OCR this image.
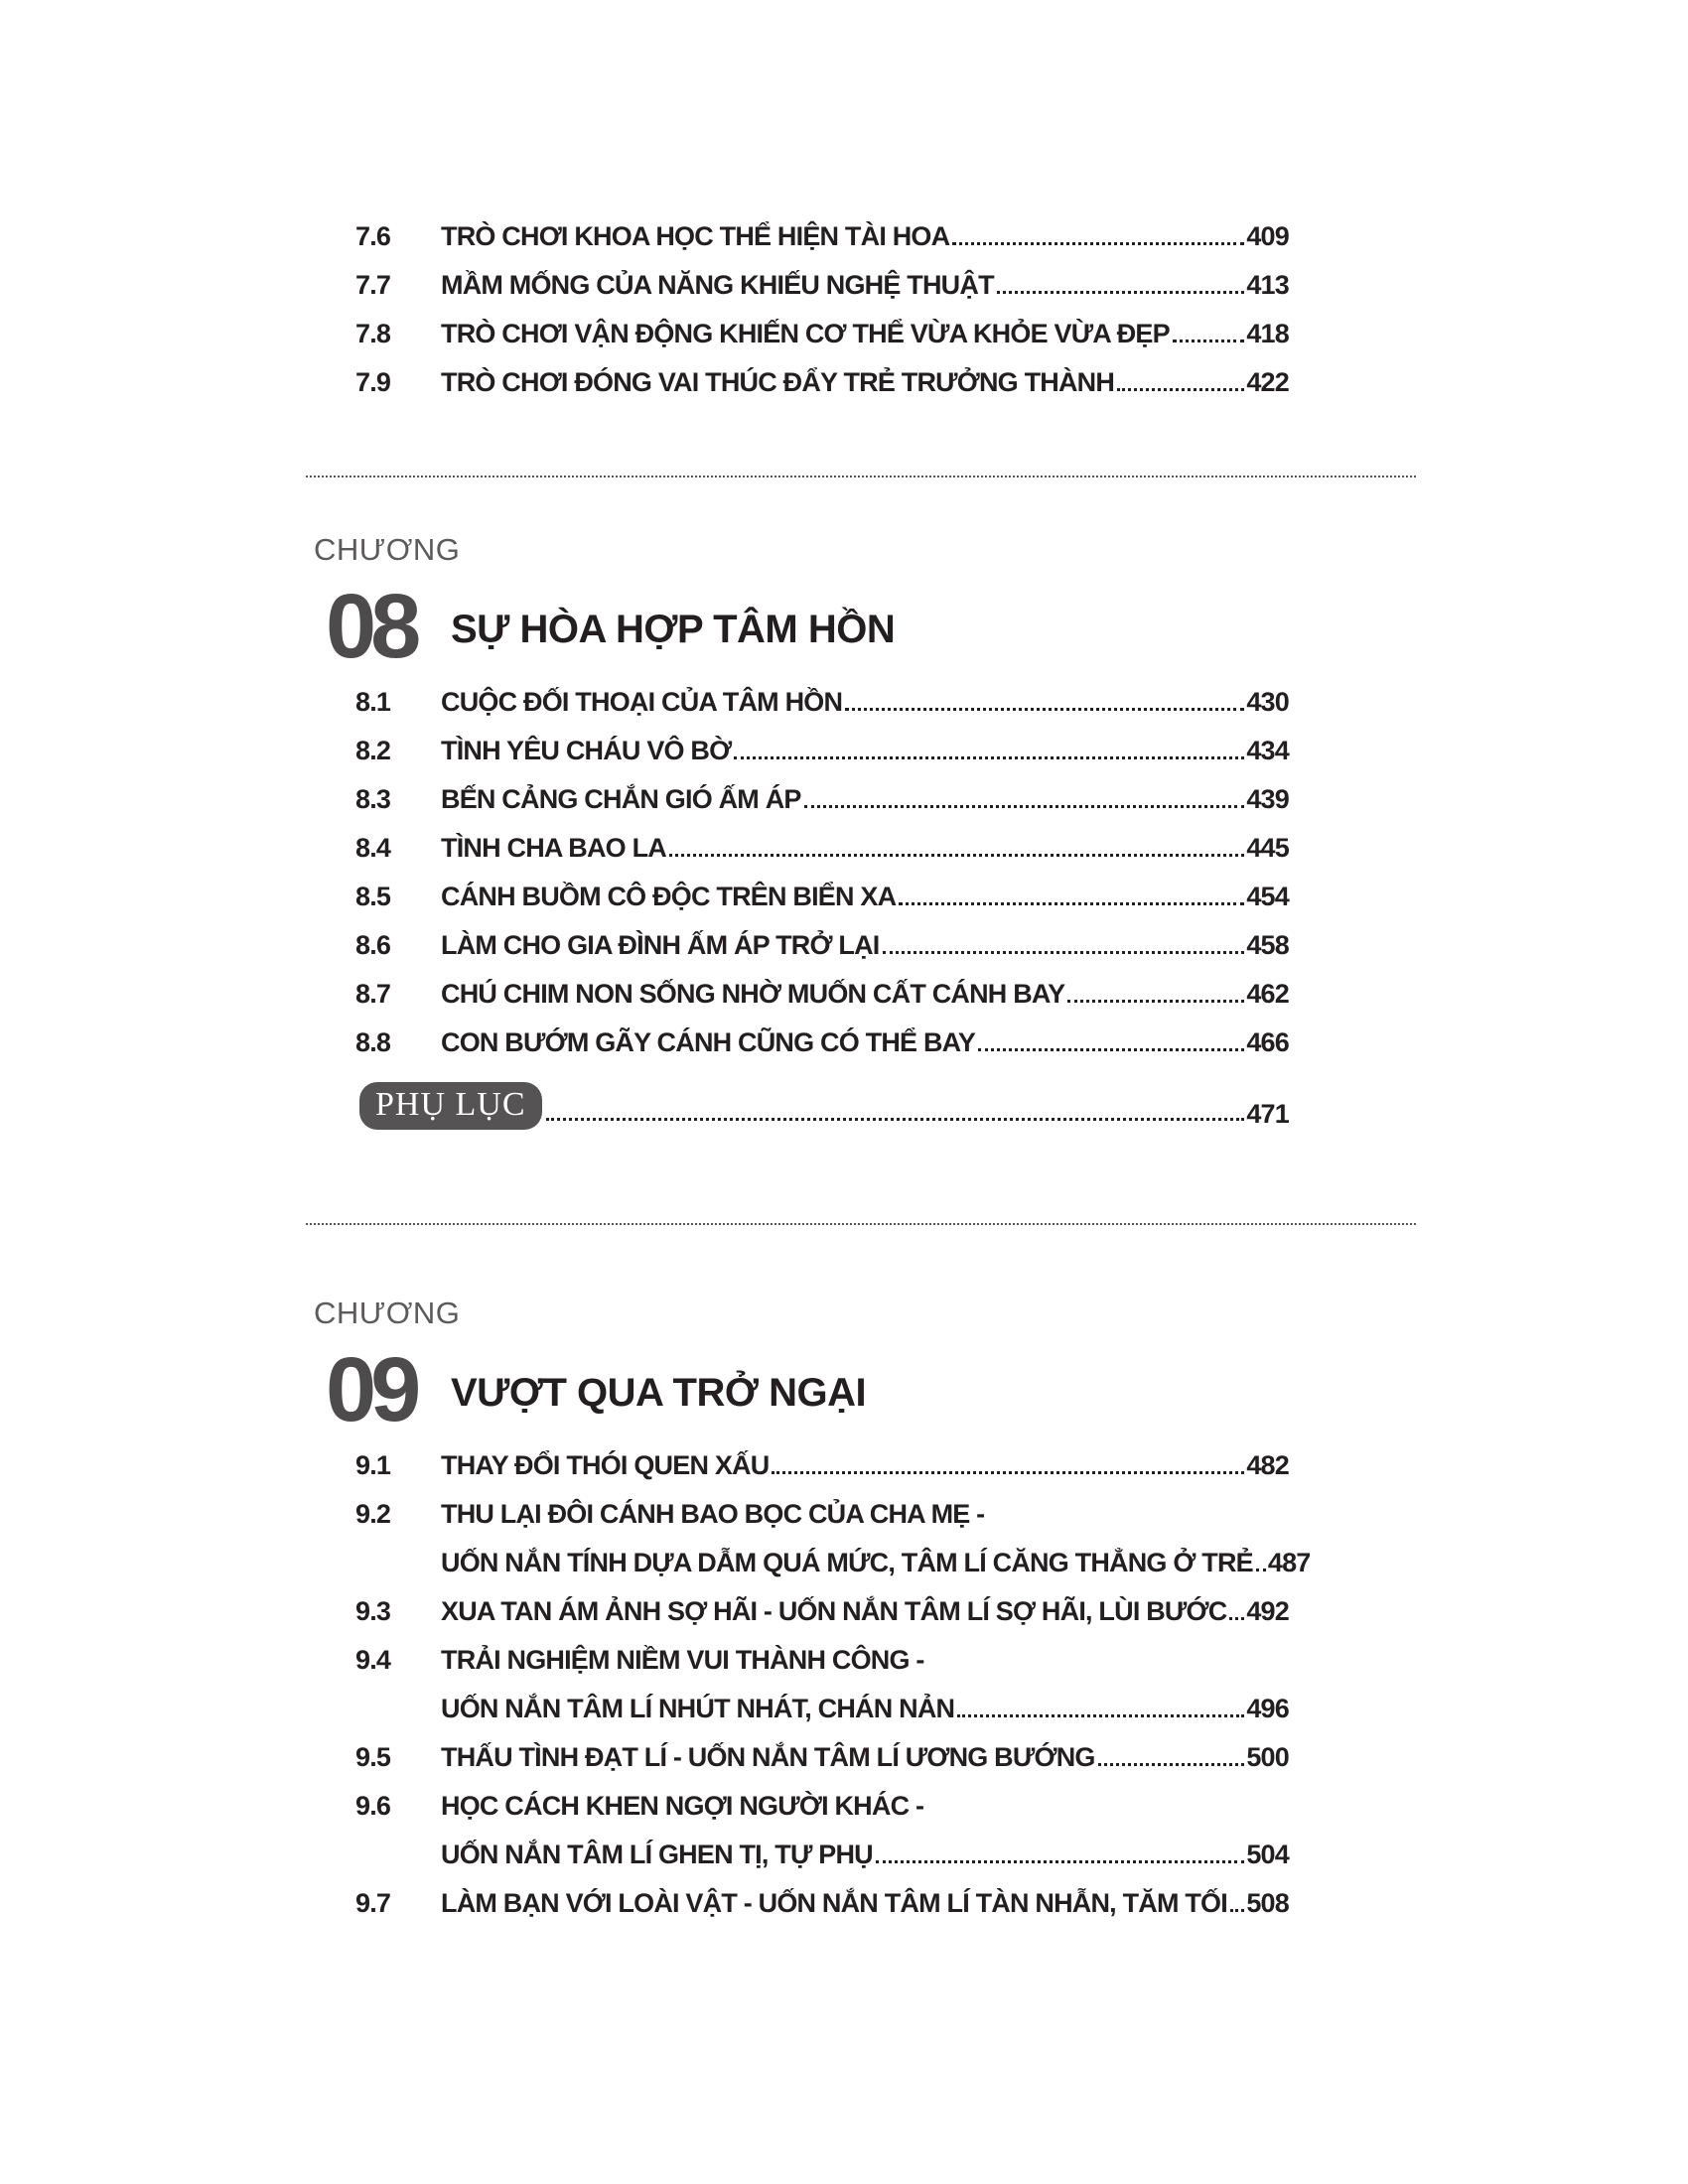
7.6	TRÒ CHƠI KHOA HỌC THỂ HIỆN TÀI HOA	409
7.7	MẦM MỐNG CỦA NĂNG KHIẾU NGHỆ THUẬT	413
7.8	TRÒ CHƠI VẬN ĐỘNG KHIẾN CƠ THỂ VỪA KHỎE VỪA ĐẸP	418
7.9	TRÒ CHƠI ĐÓNG VAI THÚC ĐẨY TRẺ TRƯỞNG THÀNH	422
CHƯƠNG
08 SỰ HÒA HỢP TÂM HỒN
8.1	CUỘC ĐỐI THOẠI CỦA TÂM HỒN	430
8.2	TÌNH YÊU CHÁU VÔ BỜ	434
8.3	BẾN CẢNG CHẮN GIÓ ẤM ÁP	439
8.4	TÌNH CHA BAO LA	445
8.5	CÁNH BUỒM CÔ ĐỘC TRÊN BIỂN XA	454
8.6	LÀM CHO GIA ĐÌNH ẤM ÁP TRỞ LẠI	458
8.7	CHÚ CHIM NON SỐNG NHỜ MUỐN CẤT CÁNH BAY	462
8.8	CON BƯỚM GÃY CÁNH CŨNG CÓ THỂ BAY	466
PHỤ LỤC	471
CHƯƠNG
09 VƯỢT QUA TRỞ NGẠI
9.1	THAY ĐỔI THÓI QUEN XẤU	482
9.2	THU LẠI ĐÔI CÁNH BAO BỌC CỦA CHA MẸ -
UỐN NẮN TÍNH DỰA DẪM QUÁ MỨC, TÂM LÍ CĂNG THẲNG Ở TRẺ 487
9.3	XUA TAN ÁM ẢNH SỢ HÃI - UỐN NẮN TÂM LÍ SỢ HÃI, LÙI BƯỚC 492
9.4	TRẢI NGHIỆM NIỀM VUI THÀNH CÔNG -
UỐN NẮN TÂM LÍ NHÚT NHÁT, CHÁN NẢN	496
9.5	THẤU TÌNH ĐẠT LÍ - UỐN NẮN TÂM LÍ ƯƠNG BƯỚNG	500
9.6	HỌC CÁCH KHEN NGỢI NGƯỜI KHÁC -
UỐN NẮN TÂM LÍ GHEN TỊ, TỰ PHỤ	504
9.7	LÀM BẠN VỚI LOÀI VẬT - UỐN NẮN TÂM LÍ TÀN NHẪN, TĂM TỐI 508
